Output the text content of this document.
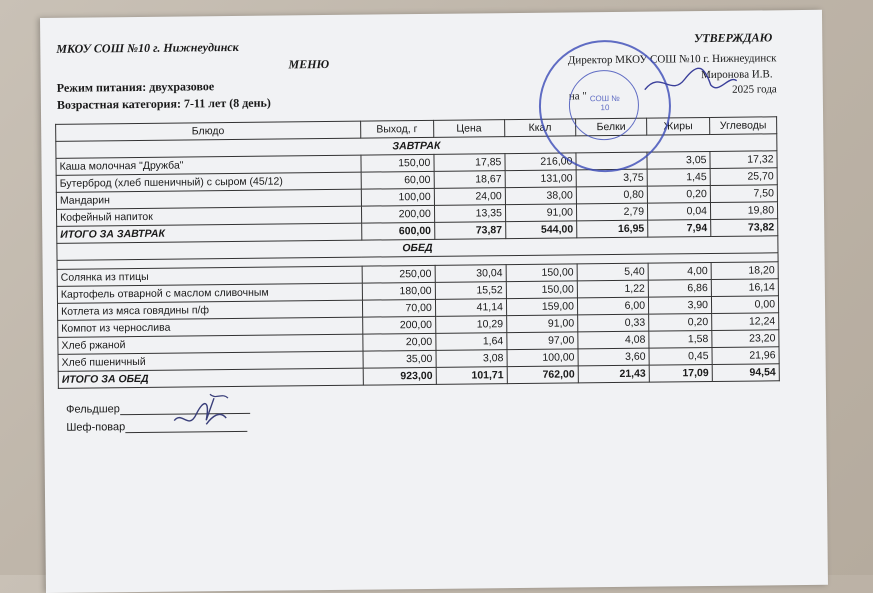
МКОУ СОШ №10 г. Нижнеудинск
МЕНЮ
Режим питания: двухразовое
Возрастная категория: 7-11 лет (8 день)
УТВЕРЖДАЮ
Директор МКОУ СОШ №10 г. Нижнеудинск
Миронова И.В.
на "
2025 года
Блюдо	Выход, г	Цена	Ккал	Белки	Жиры	Углеводы
ЗАВТРАК						
Каша молочная "Дружба"	150,00	17,85	216,00		3,05	17,32
Бутерброд (хлеб пшеничный) с сыром (45/12)	60,00	18,67	131,00	3,75	1,45	25,70
Мандарин	100,00	24,00	38,00	0,80	0,20	7,50
Кофейный напиток	200,00	13,35	91,00	2,79	0,04	19,80
ИТОГО ЗА ЗАВТРАК	600,00	73,87	544,00	16,95	7,94	73,82
ОБЕД						

Солянка из птицы	250,00	30,04	150,00	5,40	4,00	18,20
Картофель отварной с маслом сливочным	180,00	15,52	150,00	1,22	6,86	16,14
Котлета из мяса говядины п/ф	70,00	41,14	159,00	6,00	3,90	0,00
Компот из чернослива	200,00	10,29	91,00	0,33	0,20	12,24
Хлеб ржаной	20,00	1,64	97,00	4,08	1,58	23,20
Хлеб пшеничный	35,00	3,08	100,00	3,60	0,45	21,96
ИТОГО ЗА ОБЕД	923,00	101,71	762,00	21,43	17,09	94,54
Фельдшер
Шеф-повар
СОШ № 10
